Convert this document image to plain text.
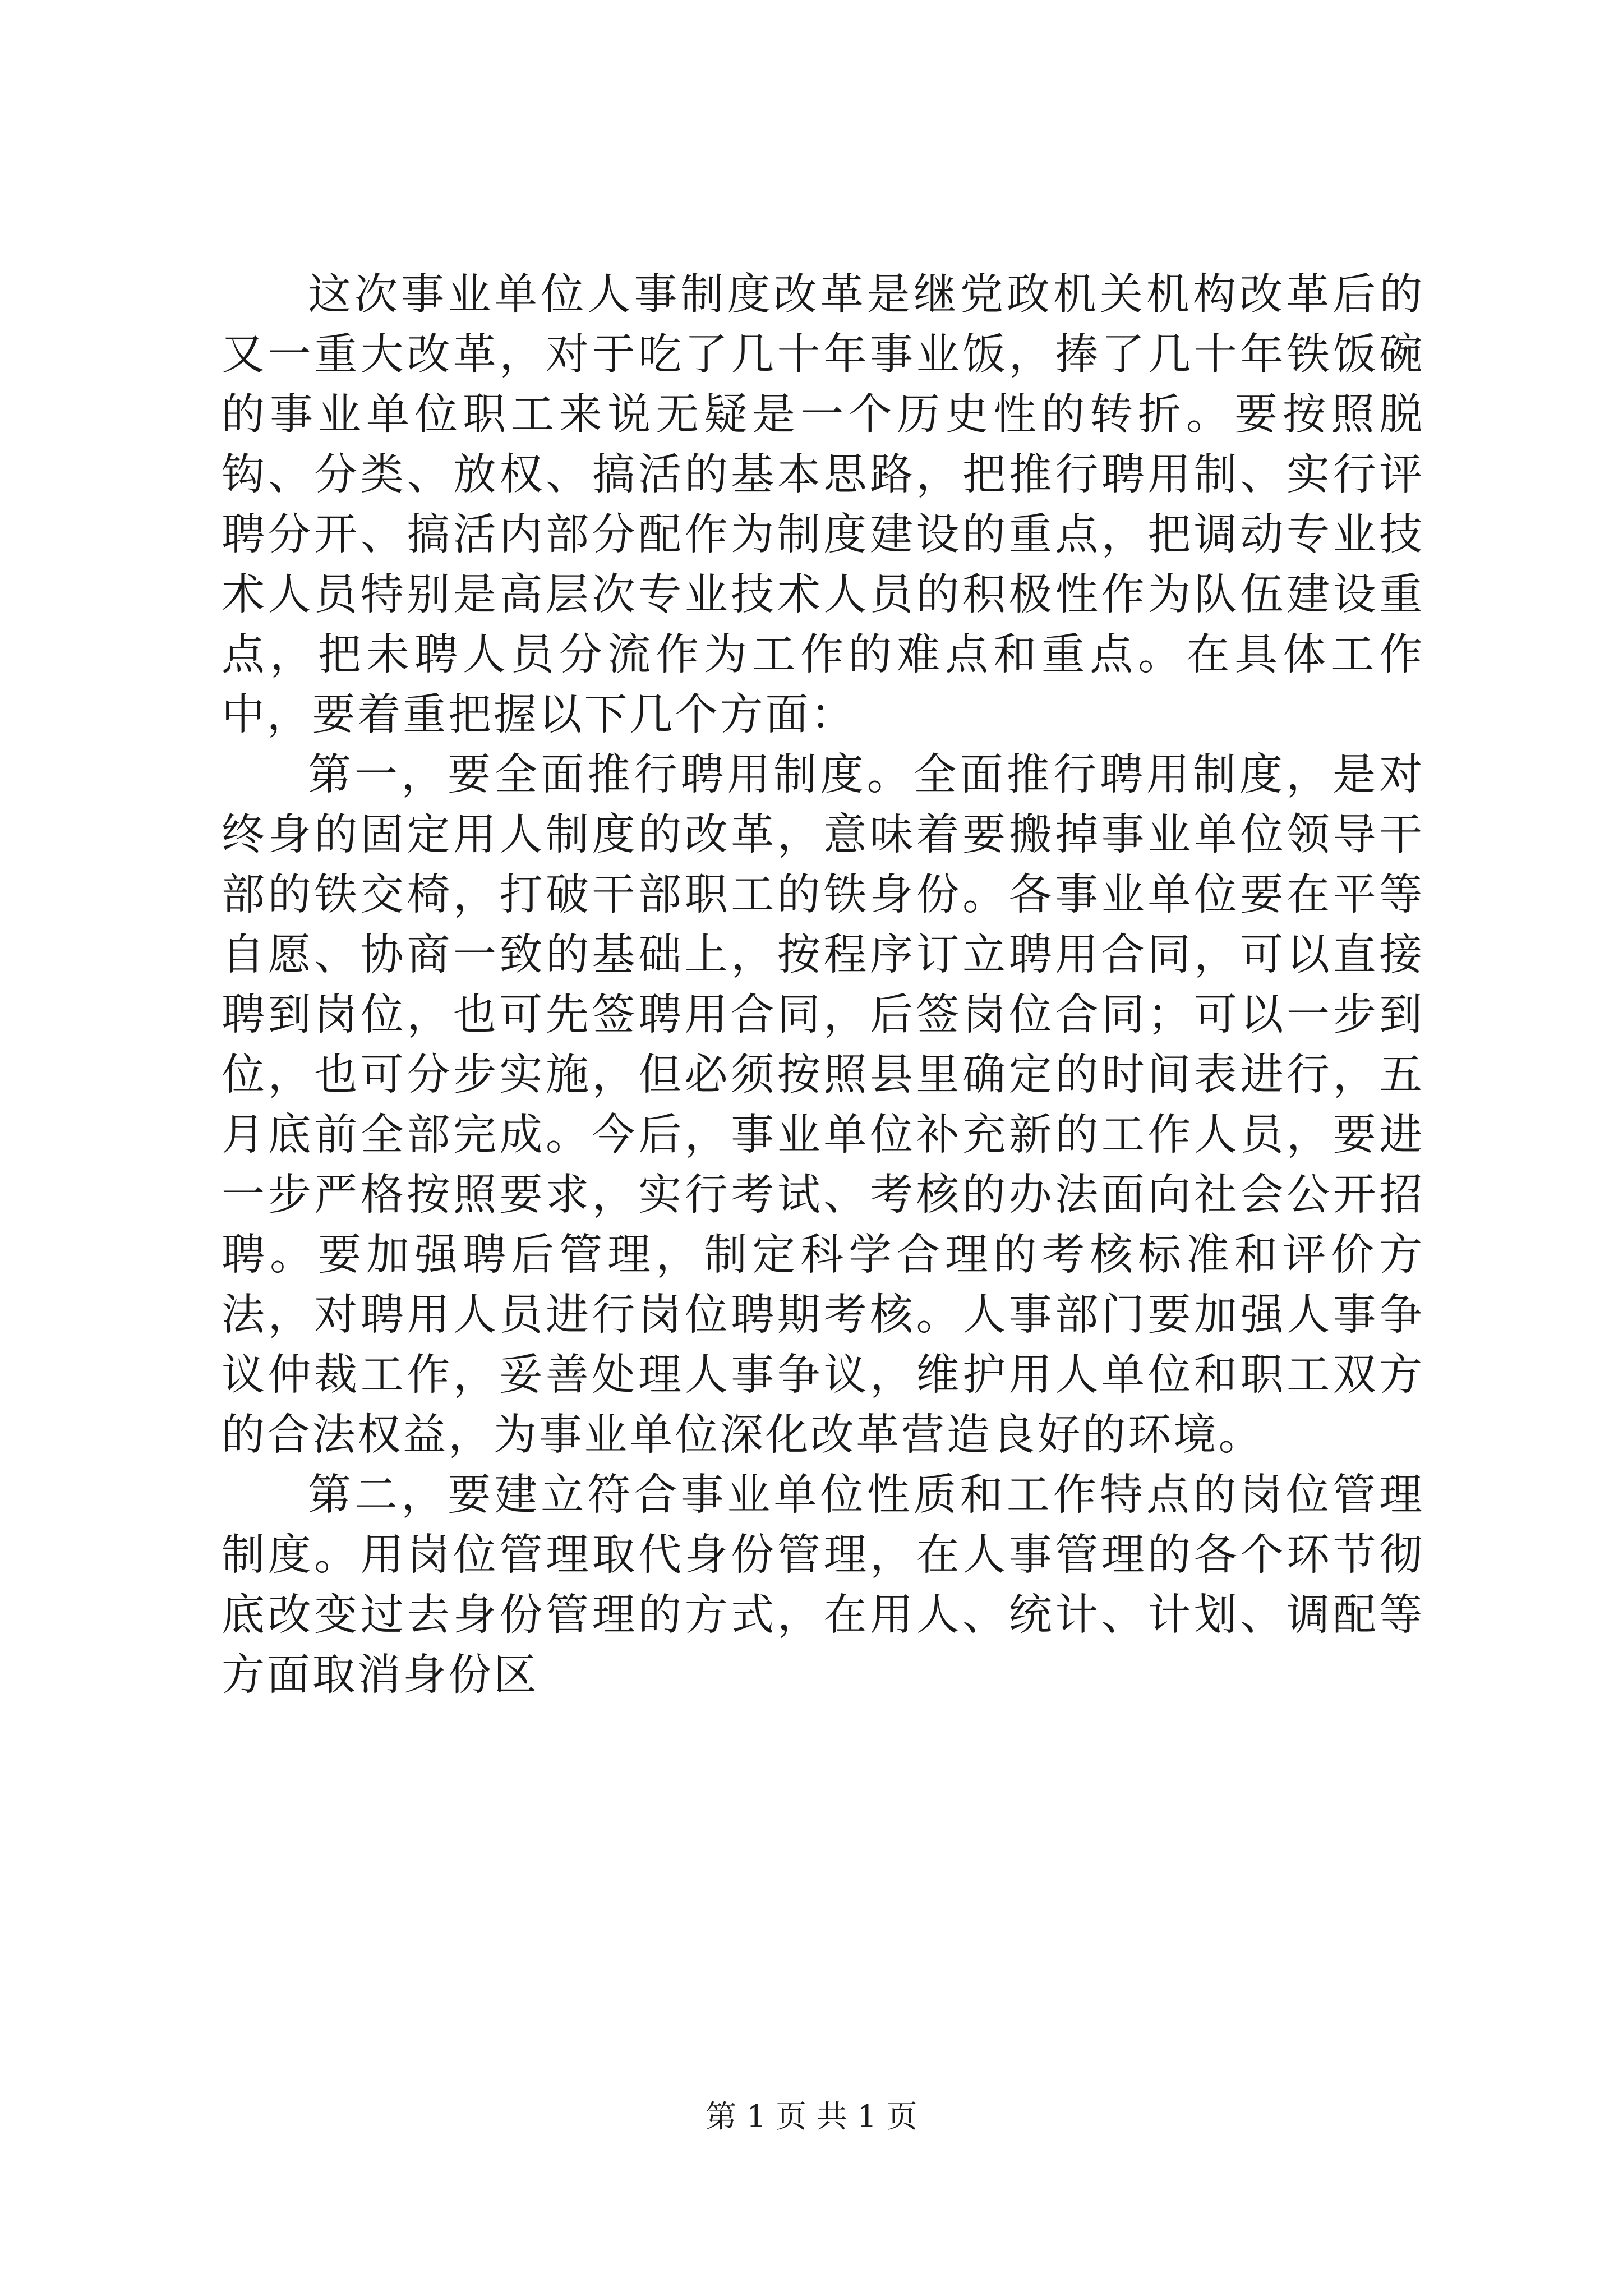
这次事业单位人事制度改革是继党政机关机构改革后的又一重大改革，对于吃了几十年事业饭，捧了几十年铁饭碗的事业单位职工来说无疑是一个历史性的转折。要按照脱钩、分类、放权、搞活的基本思路，把推行聘用制、实行评聘分开、搞活内部分配作为制度建设的重点，把调动专业技术人员特别是高层次专业技术人员的积极性作为队伍建设重点，把未聘人员分流作为工作的难点和重点。在具体工作中，要着重把握以下几个方面：

第一，要全面推行聘用制度。全面推行聘用制度，是对终身的固定用人制度的改革，意味着要搬掉事业单位领导干部的铁交椅，打破干部职工的铁身份。各事业单位要在平等自愿、协商一致的基础上，按程序订立聘用合同，可以直接聘到岗位，也可先签聘用合同，后签岗位合同；可以一步到位，也可分步实施，但必须按照县里确定的时间表进行，五月底前全部完成。今后，事业单位补充新的工作人员，要进一步严格按照要求，实行考试、考核的办法面向社会公开招聘。要加强聘后管理，制定科学合理的考核标准和评价方法，对聘用人员进行岗位聘期考核。人事部门要加强人事争议仲裁工作，妥善处理人事争议，维护用人单位和职工双方的合法权益，为事业单位深化改革营造良好的环境。

第二，要建立符合事业单位性质和工作特点的岗位管理制度。用岗位管理取代身份管理，在人事管理的各个环节彻底改变过去身份管理的方式，在用人、统计、计划、调配等方面取消身份区

第 1 页 共 1 页
